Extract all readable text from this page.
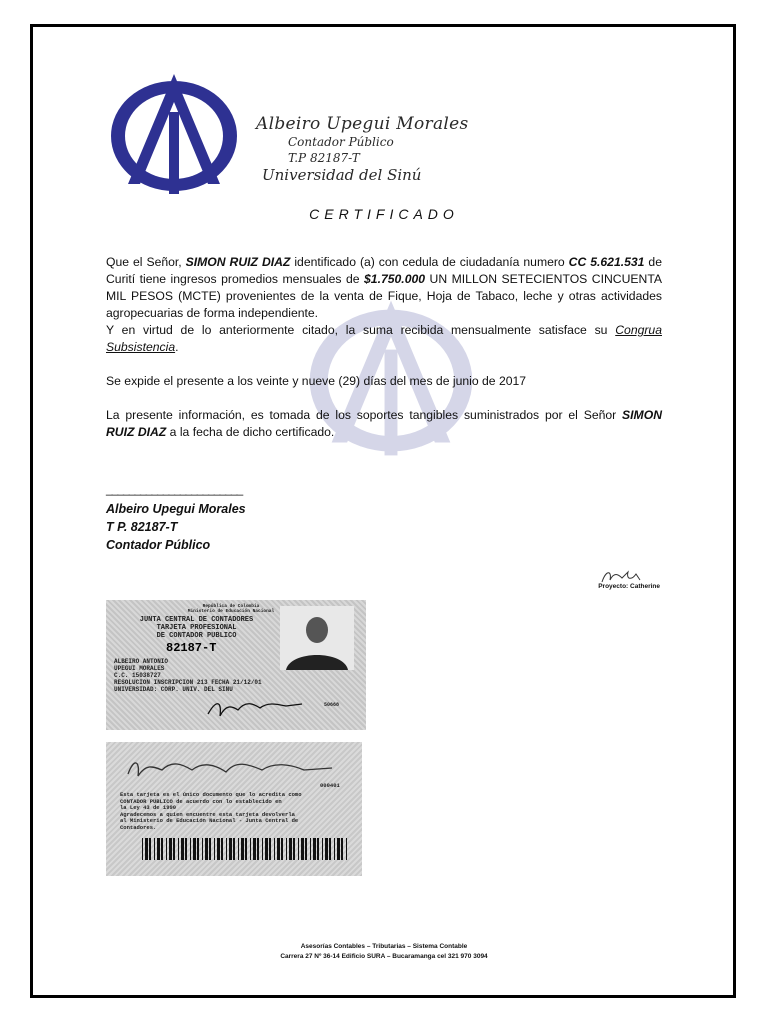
Albeiro Upegui Morales
Contador Público
T.P 82187-T
Universidad del Sinú
CERTIFICADO

Que el Señor, SIMON RUIZ DIAZ identificado (a) con cedula de ciudadanía numero CC 5.621.531 de Curití tiene ingresos promedios mensuales de $1.750.000 UN MILLON SETECIENTOS CINCUENTA MIL PESOS (MCTE) provenientes de la venta de Fique, Hoja de Tabaco, leche y otras actividades agropecuarias de forma independiente.

Y en virtud de lo anteriormente citado, la suma recibida mensualmente satisface su Congrua Subsistencia.

Se expide el presente a los veinte y nueve (29) días del mes de junio de 2017

La presente información, es tomada de los soportes tangibles suministrados por el Señor SIMON RUIZ DIAZ a la fecha de dicho certificado.

________________________
Albeiro Upegui Morales
T P. 82187-T
Contador Público
Proyecto: Catherine
República de Colombia
Ministerio de Educación Nacional
JUNTA CENTRAL DE CONTADORES
TARJETA PROFESIONAL
DE CONTADOR PUBLICO
82187-T
ALBEIRO ANTONIO
UPEGUI MORALES
C.C. 15038727
RESOLUCION INSCRIPCION 213 FECHA 21/12/01
UNIVERSIDAD: CORP. UNIV. DEL SINU
50668
000401
Esta tarjeta es el único documento que lo acredita como
CONTADOR PUBLICO de acuerdo con lo establecido en
la Ley 43 de 1990
Agradecemos a quien encuentre esta tarjeta devolverla
al Ministerio de Educación Nacional - Junta Central de
Contadores.
Asesorías Contables – Tributarias – Sistema Contable
Carrera 27 Nº 36-14 Edificio SURA – Bucaramanga cel 321 970 3094
